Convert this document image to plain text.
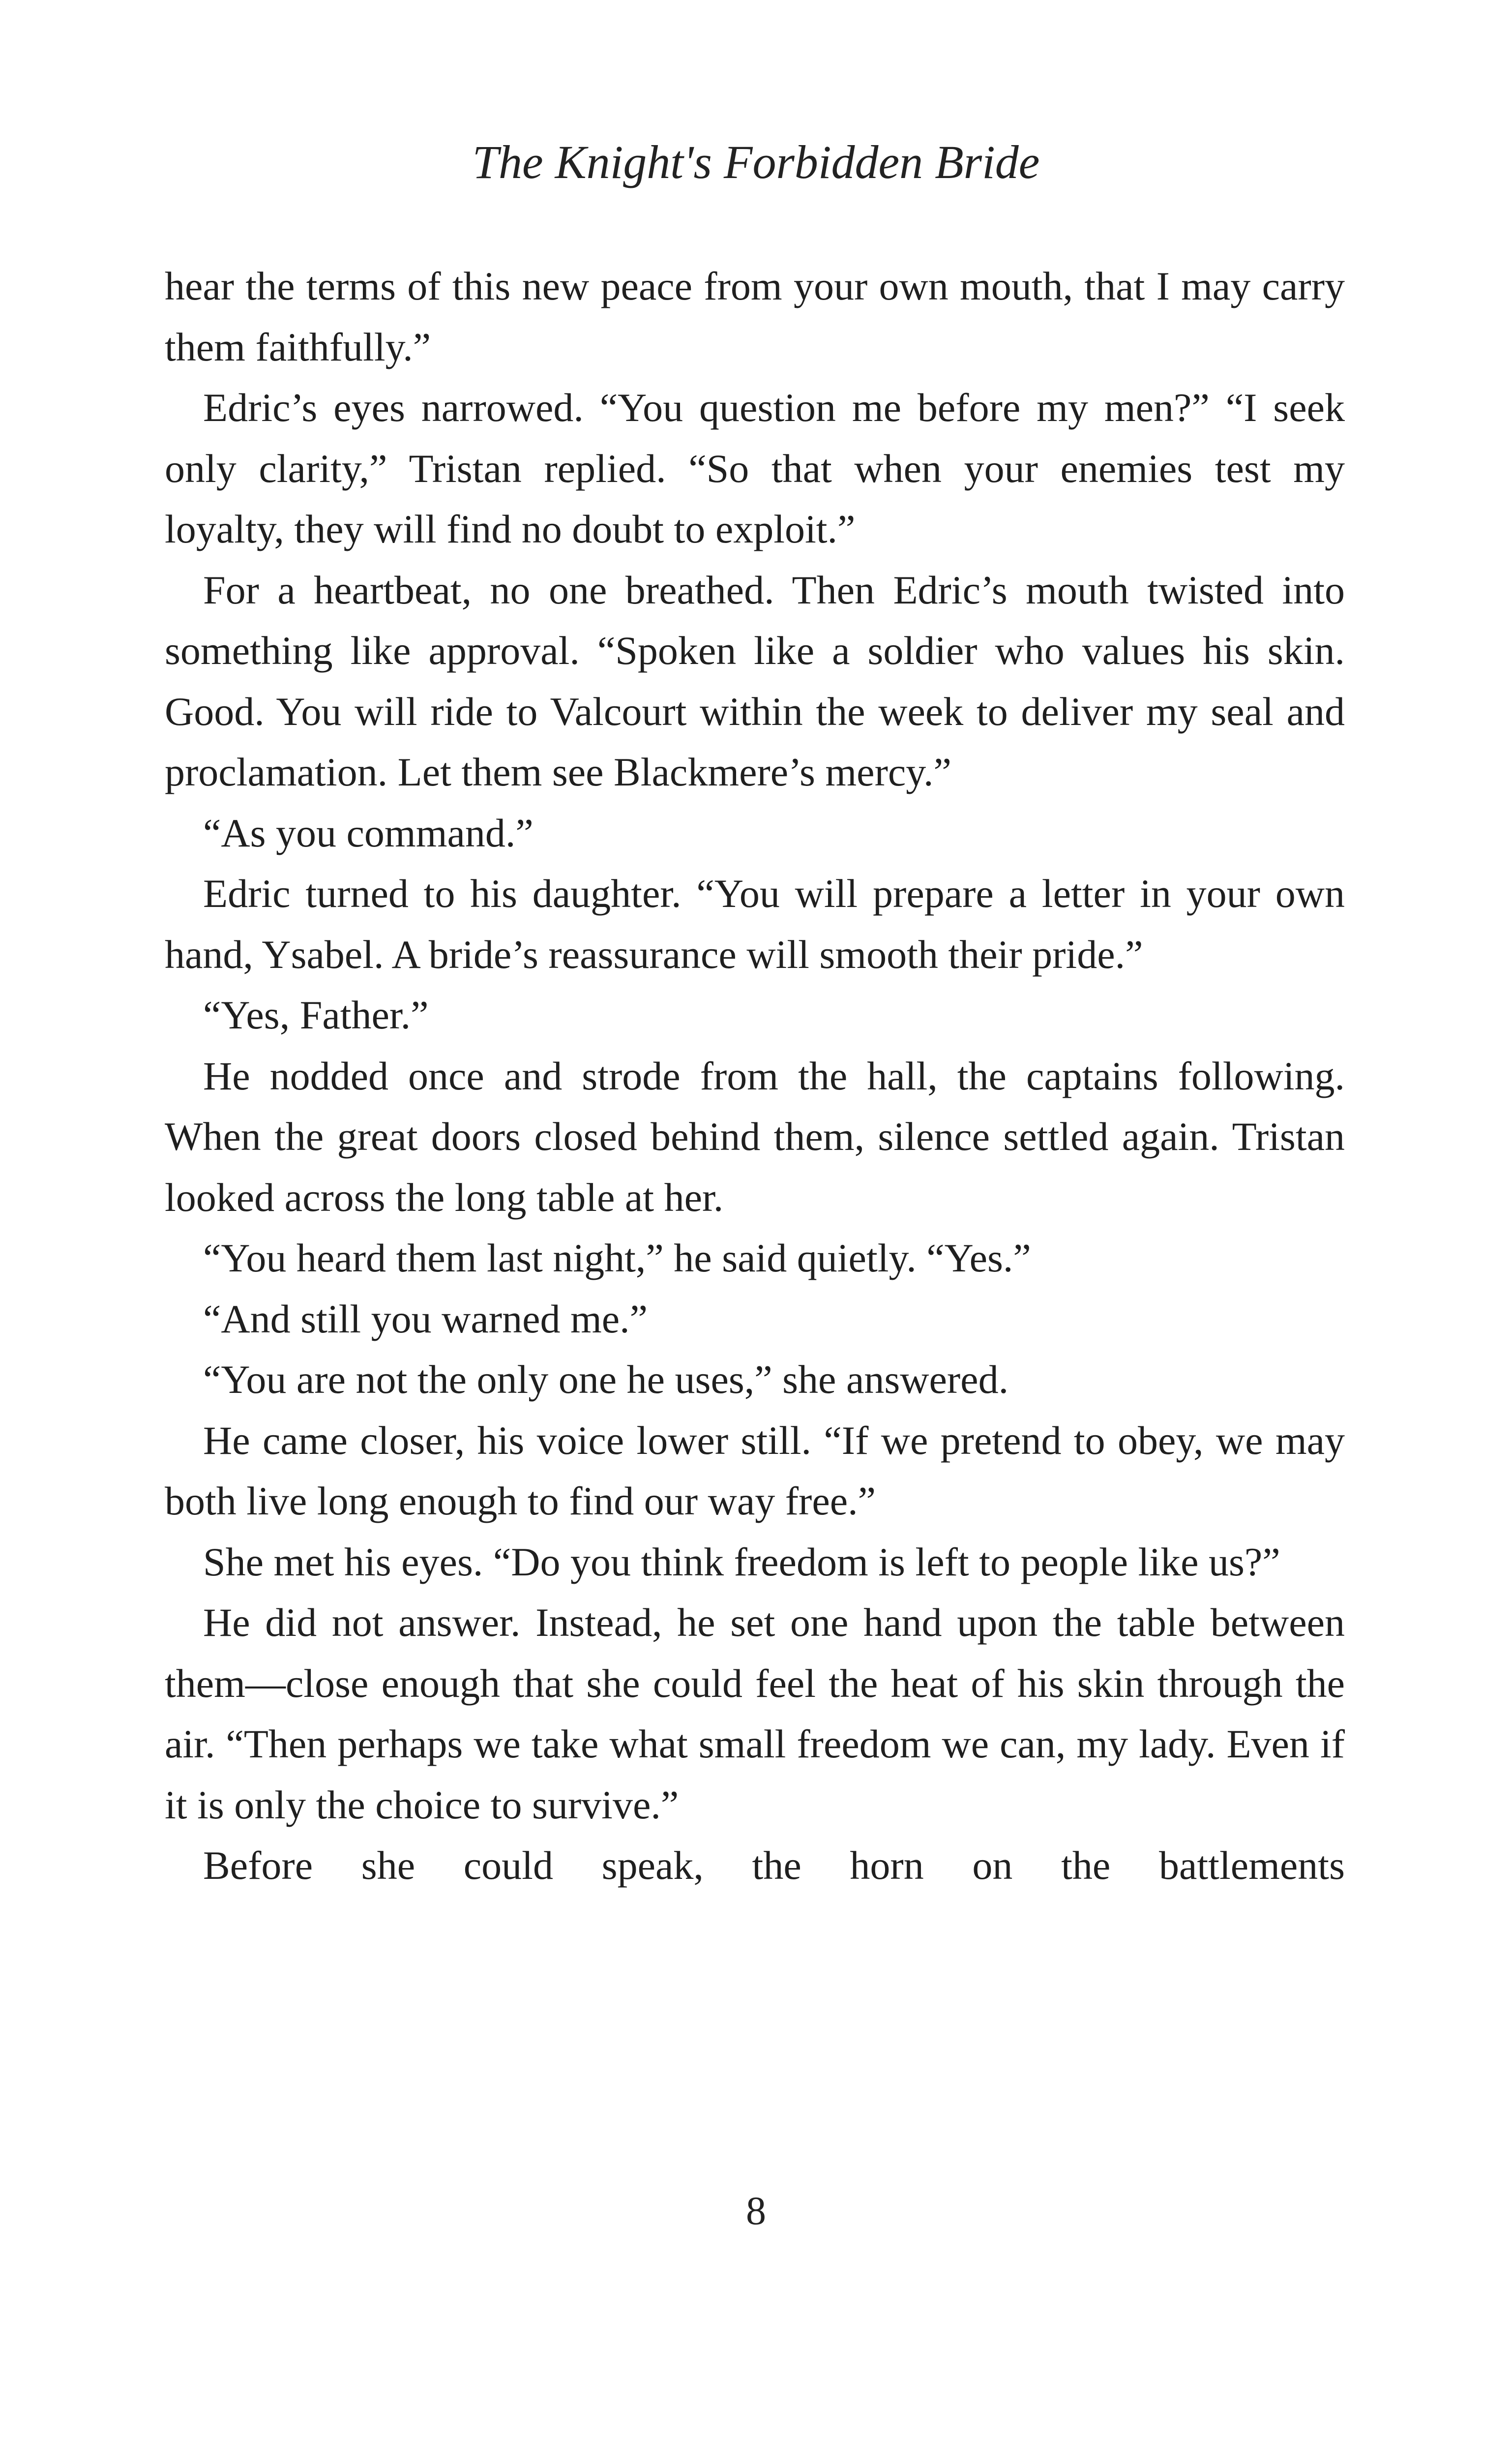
The Knight's Forbidden Bride

hear the terms of this new peace from your own mouth, that I may carry them faithfully.”

Edric’s eyes narrowed. “You question me before my men?” “I seek only clarity,” Tristan replied. “So that when your enemies test my loyalty, they will find no doubt to exploit.”

For a heartbeat, no one breathed. Then Edric’s mouth twisted into something like approval. “Spoken like a soldier who values his skin. Good. You will ride to Valcourt within the week to deliver my seal and proclamation. Let them see Blackmere’s mercy.”

“As you command.”

Edric turned to his daughter. “You will prepare a letter in your own hand, Ysabel. A bride’s reassurance will smooth their pride.”

“Yes, Father.”

He nodded once and strode from the hall, the captains following. When the great doors closed behind them, silence settled again. Tristan looked across the long table at her.

“You heard them last night,” he said quietly. “Yes.”

“And still you warned me.”

“You are not the only one he uses,” she answered.

He came closer, his voice lower still. “If we pretend to obey, we may both live long enough to find our way free.”

She met his eyes. “Do you think freedom is left to people like us?”

He did not answer. Instead, he set one hand upon the table between them—close enough that she could feel the heat of his skin through the air. “Then perhaps we take what small freedom we can, my lady. Even if it is only the choice to survive.”

Before she could speak, the horn on the battlements

8
